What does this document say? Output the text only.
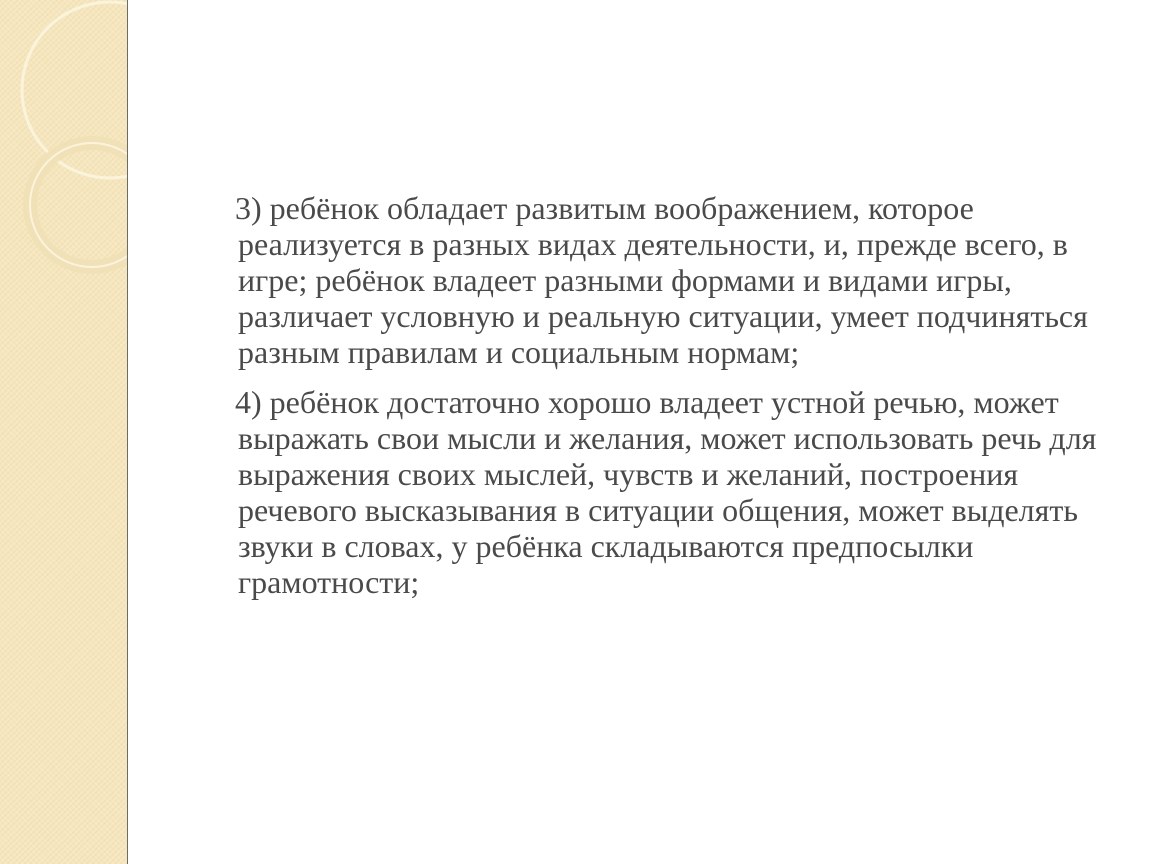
3) ребёнок обладает развитым воображением, которое реализуется в разных видах деятельности, и, прежде всего, в игре; ребёнок владеет разными формами и видами игры, различает условную и реальную ситуации, умеет подчиняться разным правилам и социальным нормам;

4) ребёнок достаточно хорошо владеет устной речью, может выражать свои мысли и желания, может использовать речь для выражения своих мыслей, чувств и желаний, построения речевого высказывания в ситуации общения, может выделять звуки в словах, у ребёнка складываются предпосылки грамотности;
